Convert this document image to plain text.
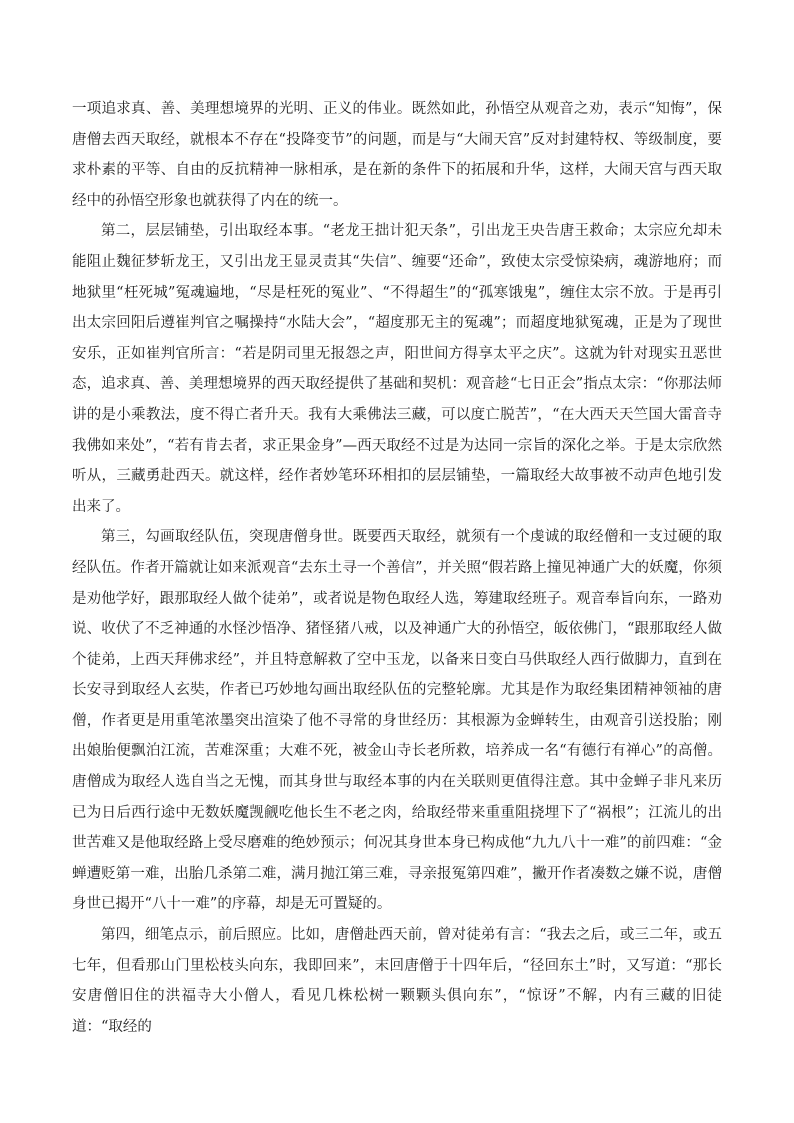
一项追求真、善、美理想境界的光明、正义的伟业。既然如此，孙悟空从观音之劝，表示“知悔”，保唐僧去西天取经，就根本不存在“投降变节”的问题，而是与“大闹天宫”反对封建特权、等级制度，要求朴素的平等、自由的反抗精神一脉相承，是在新的条件下的拓展和升华，这样，大闹天宫与西天取经中的孙悟空形象也就获得了内在的统一。

第二，层层铺垫，引出取经本事。“老龙王拙计犯天条”，引出龙王央告唐王救命；太宗应允却未能阻止魏征梦斩龙王，又引出龙王显灵责其“失信”、缠要“还命”，致使太宗受惊染病，魂游地府；而地狱里“枉死城”冤魂遍地，“尽是枉死的冤业”、“不得超生”的“孤寒饿鬼”，缠住太宗不放。于是再引出太宗回阳后遵崔判官之嘱操持“水陆大会”，“超度那无主的冤魂”；而超度地狱冤魂，正是为了现世安乐，正如崔判官所言：“若是阴司里无报怨之声，阳世间方得享太平之庆”。这就为针对现实丑恶世态，追求真、善、美理想境界的西天取经提供了基础和契机：观音趁“七日正会”指点太宗：“你那法师讲的是小乘教法，度不得亡者升天。我有大乘佛法三藏，可以度亡脱苦”，“在大西天天竺国大雷音寺我佛如来处”，“若有肯去者，求正果金身”—西天取经不过是为达同一宗旨的深化之举。于是太宗欣然听从，三藏勇赴西天。就这样，经作者妙笔环环相扣的层层铺垫，一篇取经大故事被不动声色地引发出来了。

第三，勾画取经队伍，突现唐僧身世。既要西天取经，就须有一个虔诚的取经僧和一支过硬的取经队伍。作者开篇就让如来派观音“去东土寻一个善信”，并关照“假若路上撞见神通广大的妖魔，你须是劝他学好，跟那取经人做个徒弟”，或者说是物色取经人选，筹建取经班子。观音奉旨向东，一路劝说、收伏了不乏神通的水怪沙悟净、猪怪猪八戒，以及神通广大的孙悟空，皈依佛门，“跟那取经人做个徒弟，上西天拜佛求经”，并且特意解救了空中玉龙，以备来日变白马供取经人西行做脚力，直到在长安寻到取经人玄奘，作者已巧妙地勾画出取经队伍的完整轮廓。尤其是作为取经集团精神领袖的唐僧，作者更是用重笔浓墨突出渲染了他不寻常的身世经历：其根源为金蝉转生，由观音引送投胎；刚出娘胎便飘泊江流，苦难深重；大难不死，被金山寺长老所救，培养成一名“有德行有禅心”的高僧。唐僧成为取经人选自当之无愧，而其身世与取经本事的内在关联则更值得注意。其中金蝉子非凡来历已为日后西行途中无数妖魔觊觎吃他长生不老之肉，给取经带来重重阻挠埋下了“祸根”；江流儿的出世苦难又是他取经路上受尽磨难的绝妙预示；何况其身世本身已构成他“九九八十一难”的前四难：“金蝉遭贬第一难，出胎几杀第二难，满月抛江第三难，寻亲报冤第四难”，撇开作者凑数之嫌不说，唐僧身世已揭开“八十一难”的序幕，却是无可置疑的。

第四，细笔点示，前后照应。比如，唐僧赴西天前，曾对徒弟有言：“我去之后，或三二年，或五七年，但看那山门里松枝头向东，我即回来”，末回唐僧于十四年后，“径回东土”时，又写道：“那长安唐僧旧住的洪福寺大小僧人，看见几株松树一颗颗头俱向东”，“惊讶”不解，内有三藏的旧徒道：“取经的
